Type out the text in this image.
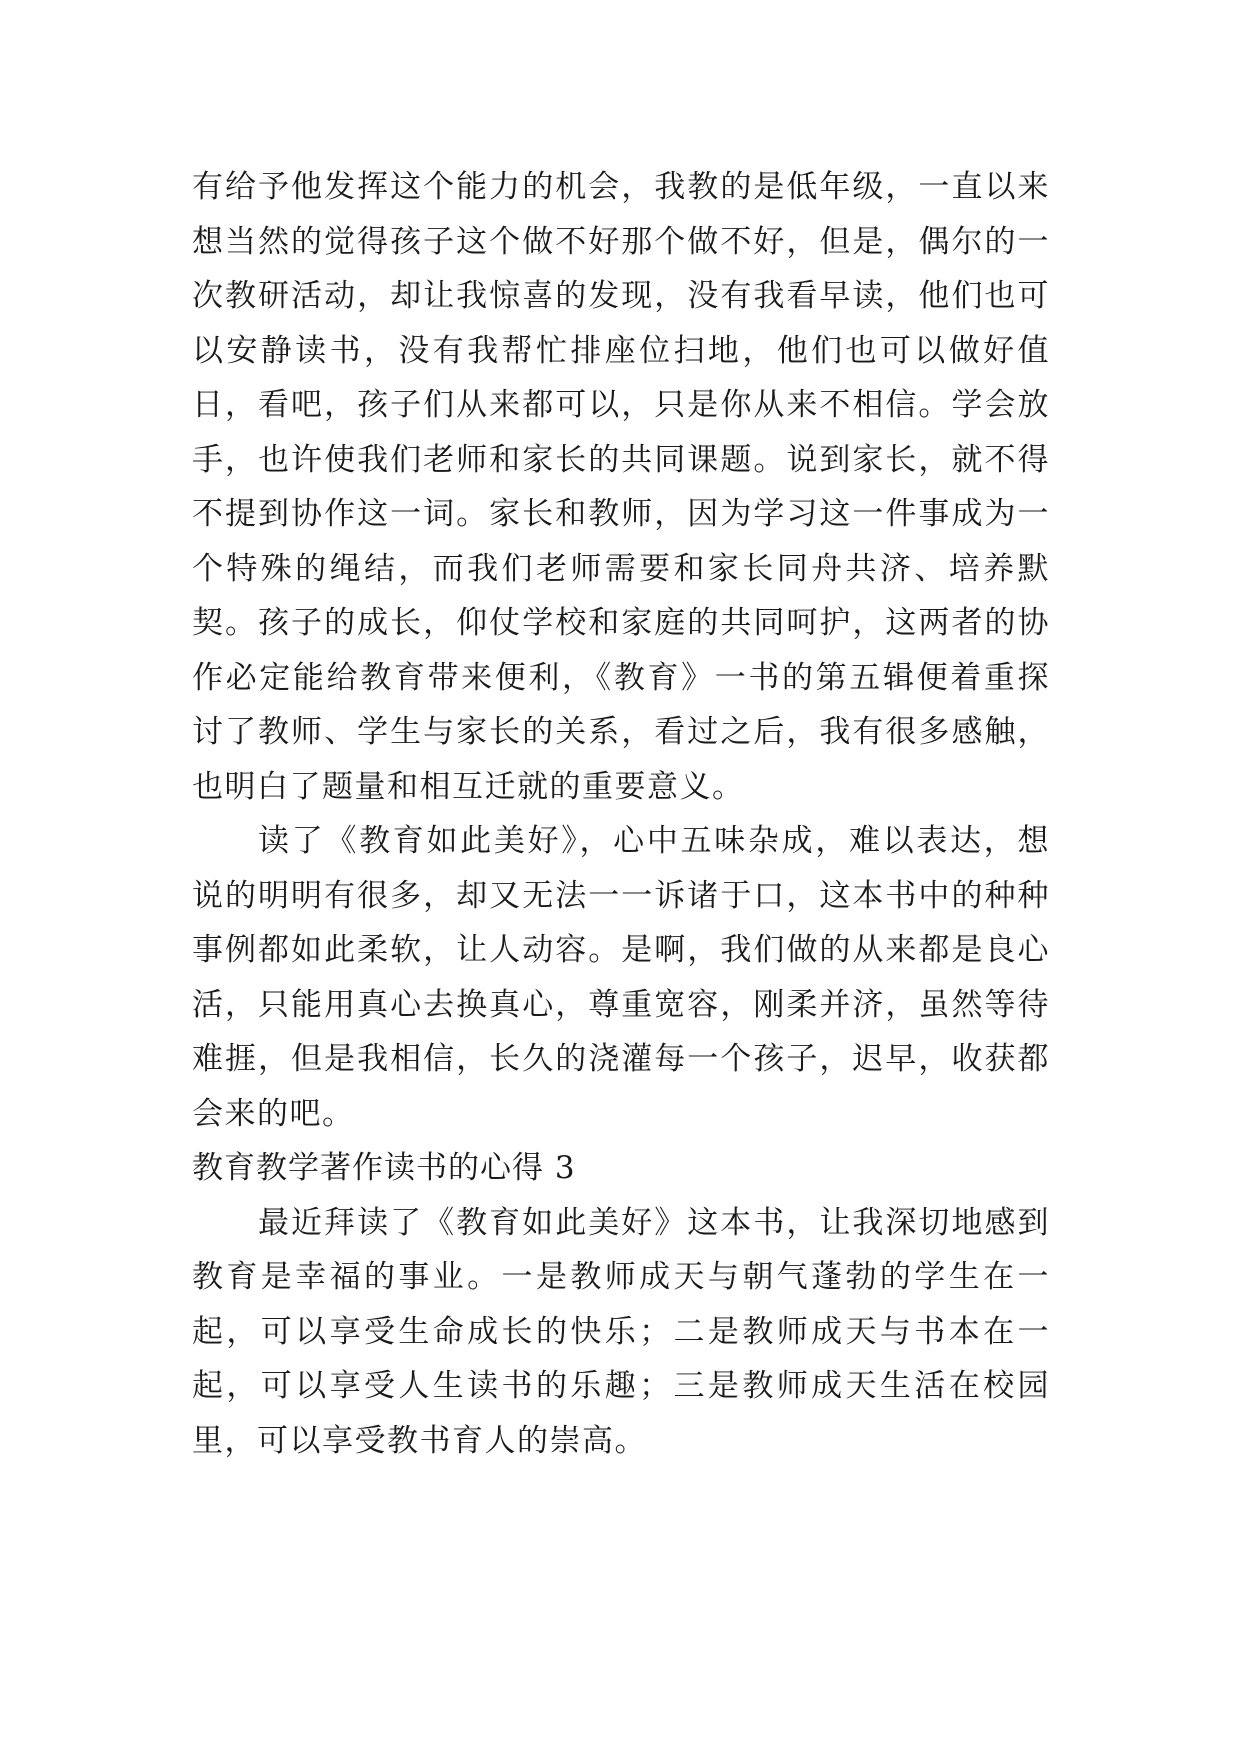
有给予他发挥这个能力的机会，我教的是低年级，一直以来想当然的觉得孩子这个做不好那个做不好，但是，偶尔的一次教研活动，却让我惊喜的发现，没有我看早读，他们也可以安静读书，没有我帮忙排座位扫地，他们也可以做好值日，看吧，孩子们从来都可以，只是你从来不相信。学会放手，也许使我们老师和家长的共同课题。说到家长，就不得不提到协作这一词。家长和教师，因为学习这一件事成为一个特殊的绳结，而我们老师需要和家长同舟共济、培养默契。孩子的成长，仰仗学校和家庭的共同呵护，这两者的协作必定能给教育带来便利，《教育》一书的第五辑便着重探讨了教师、学生与家长的关系，看过之后，我有很多感触，也明白了题量和相互迁就的重要意义。

读了《教育如此美好》，心中五味杂成，难以表达，想说的明明有很多，却又无法一一诉诸于口，这本书中的种种事例都如此柔软，让人动容。是啊，我们做的从来都是良心活，只能用真心去换真心，尊重宽容，刚柔并济，虽然等待难捱，但是我相信，长久的浇灌每一个孩子，迟早，收获都会来的吧。

教育教学著作读书的心得 3

最近拜读了《教育如此美好》这本书，让我深切地感到教育是幸福的事业。一是教师成天与朝气蓬勃的学生在一起，可以享受生命成长的快乐；二是教师成天与书本在一起，可以享受人生读书的乐趣；三是教师成天生活在校园里，可以享受教书育人的崇高。
